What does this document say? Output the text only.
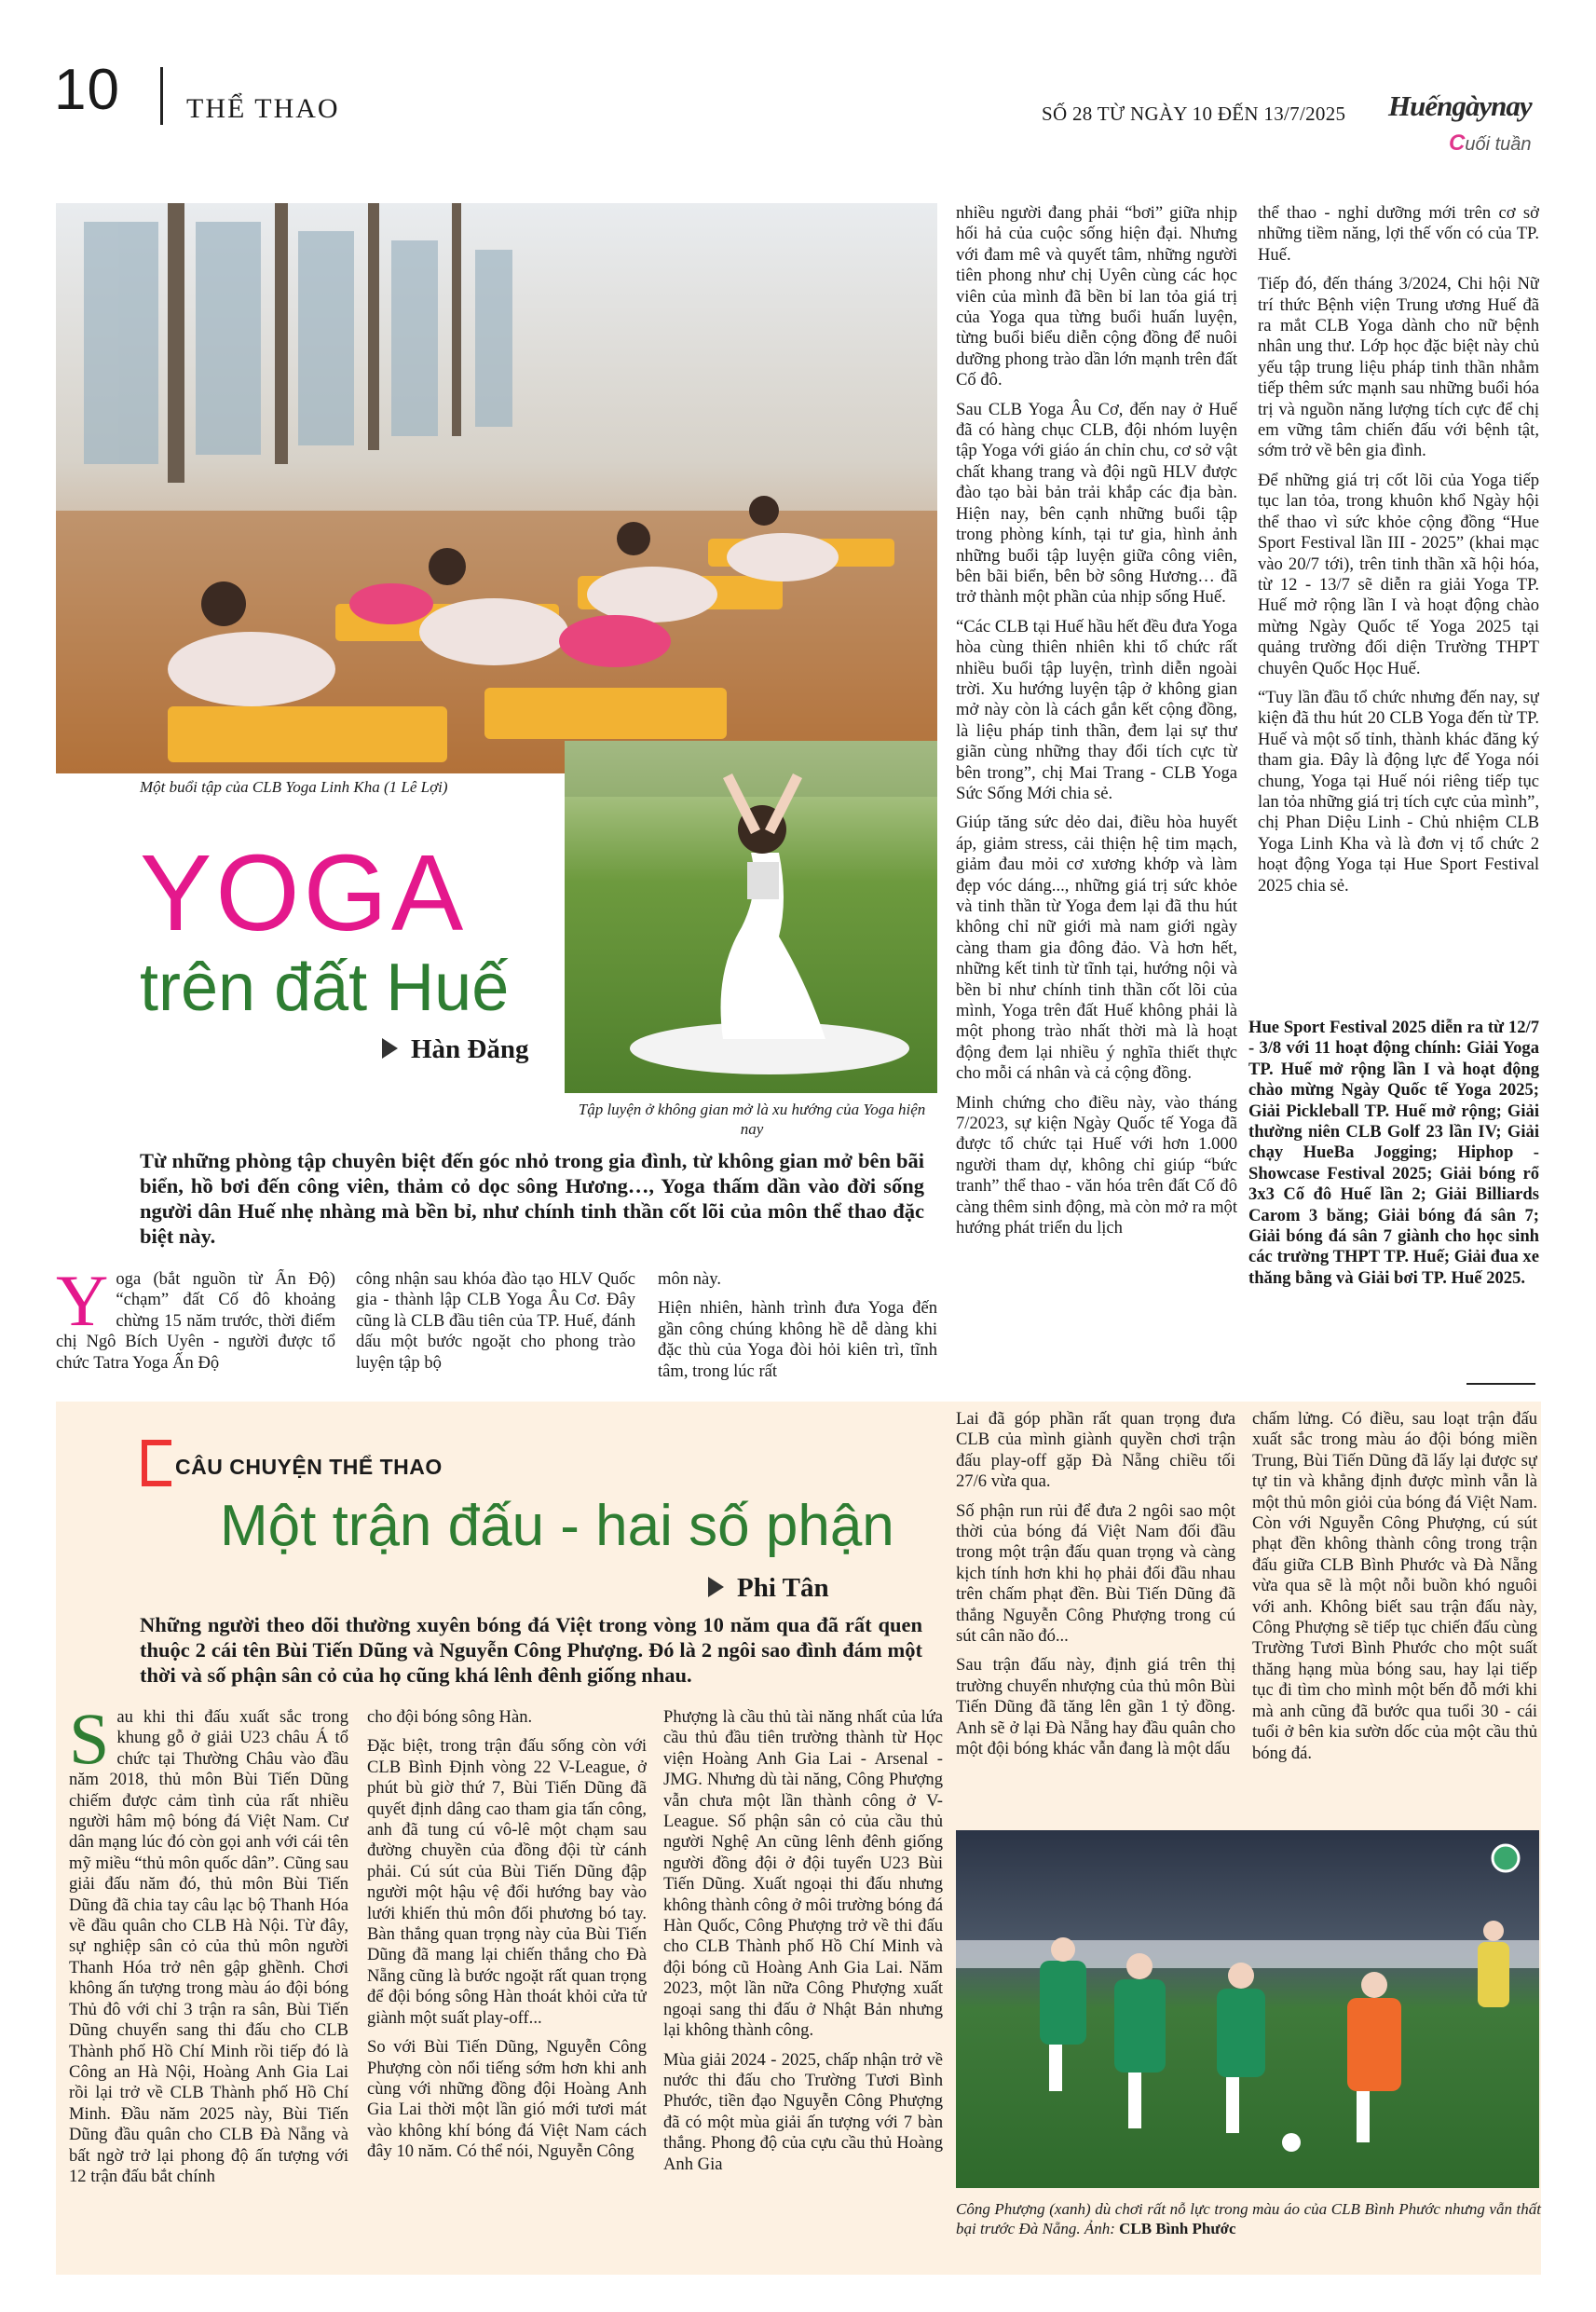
10 THỂ THAO	SỐ 28 TỪ NGÀY 10 ĐẾN 13/7/2025 Huếngàynay
Cuối tuần
Một buổi tập của CLB Yoga Linh Kha (1 Lê Lợi)
Tập luyện ở không gian mở là xu hướng của Yoga hiện nay
YOGA
trên đất Huế
Hàn Đăng
Từ những phòng tập chuyên biệt đến góc nhỏ trong gia đình, từ không gian mở bên bãi biển, hồ bơi đến công viên, thảm cỏ dọc sông Hương…, Yoga thấm dần vào đời sống người dân Huế nhẹ nhàng mà bền bỉ, như chính tinh thần cốt lõi của môn thể thao đặc biệt này.

Yoga (bắt nguồn từ Ấn Độ) “chạm” đất Cố đô khoảng chừng 15 năm trước, thời điểm chị Ngô Bích Uyên - người được tổ chức Tatra Yoga Ấn Độ

công nhận sau khóa đào tạo HLV Quốc gia - thành lập CLB Yoga Âu Cơ. Đây cũng là CLB đầu tiên của TP. Huế, đánh dấu một bước ngoặt cho phong trào luyện tập bộ

môn này.

Hiện nhiên, hành trình đưa Yoga đến gần công chúng không hề dễ dàng khi đặc thù của Yoga đòi hỏi kiên trì, tĩnh tâm, trong lúc rất

nhiều người đang phải “bơi” giữa nhịp hối hả của cuộc sống hiện đại. Nhưng với đam mê và quyết tâm, những người tiên phong như chị Uyên cùng các học viên của mình đã bền bỉ lan tỏa giá trị của Yoga qua từng buổi huấn luyện, từng buổi biểu diễn cộng đồng để nuôi dưỡng phong trào dần lớn mạnh trên đất Cố đô.

Sau CLB Yoga Âu Cơ, đến nay ở Huế đã có hàng chục CLB, đội nhóm luyện tập Yoga với giáo án chỉn chu, cơ sở vật chất khang trang và đội ngũ HLV được đào tạo bài bản trải khắp các địa bàn. Hiện nay, bên cạnh những buổi tập trong phòng kính, tại tư gia, hình ảnh những buổi tập luyện giữa công viên, bên bãi biển, bên bờ sông Hương… đã trở thành một phần của nhịp sống Huế.

“Các CLB tại Huế hầu hết đều đưa Yoga hòa cùng thiên nhiên khi tổ chức rất nhiều buổi tập luyện, trình diễn ngoài trời. Xu hướng luyện tập ở không gian mở này còn là cách gắn kết cộng đồng, là liệu pháp tinh thần, đem lại sự thư giãn cùng những thay đổi tích cực từ bên trong”, chị Mai Trang - CLB Yoga Sức Sống Mới chia sẻ.

Giúp tăng sức dẻo dai, điều hòa huyết áp, giảm stress, cải thiện hệ tim mạch, giảm đau mỏi cơ xương khớp và làm đẹp vóc dáng..., những giá trị sức khỏe và tinh thần từ Yoga đem lại đã thu hút không chỉ nữ giới mà nam giới ngày càng tham gia đông đảo. Và hơn hết, những kết tinh từ tĩnh tại, hướng nội và bền bỉ như chính tinh thần cốt lõi của mình, Yoga trên đất Huế không phải là một phong trào nhất thời mà là hoạt động đem lại nhiều ý nghĩa thiết thực cho mỗi cá nhân và cả cộng đồng.

Minh chứng cho điều này, vào tháng 7/2023, sự kiện Ngày Quốc tế Yoga đã được tổ chức tại Huế với hơn 1.000 người tham dự, không chỉ giúp “bức tranh” thể thao - văn hóa trên đất Cố đô càng thêm sinh động, mà còn mở ra một hướng phát triển du lịch

thể thao - nghỉ dưỡng mới trên cơ sở những tiềm năng, lợi thế vốn có của TP. Huế.

Tiếp đó, đến tháng 3/2024, Chi hội Nữ trí thức Bệnh viện Trung ương Huế đã ra mắt CLB Yoga dành cho nữ bệnh nhân ung thư. Lớp học đặc biệt này chủ yếu tập trung liệu pháp tinh thần nhằm tiếp thêm sức mạnh sau những buổi hóa trị và nguồn năng lượng tích cực để chị em vững tâm chiến đấu với bệnh tật, sớm trở về bên gia đình.

Để những giá trị cốt lõi của Yoga tiếp tục lan tỏa, trong khuôn khổ Ngày hội thể thao vì sức khỏe cộng đồng “Hue Sport Festival lần III - 2025” (khai mạc vào 20/7 tới), trên tinh thần xã hội hóa, từ 12 - 13/7 sẽ diễn ra giải Yoga TP. Huế mở rộng lần I và hoạt động chào mừng Ngày Quốc tế Yoga 2025 tại quảng trường đối diện Trường THPT chuyên Quốc Học Huế.

“Tuy lần đầu tổ chức nhưng đến nay, sự kiện đã thu hút 20 CLB Yoga đến từ TP. Huế và một số tỉnh, thành khác đăng ký tham gia. Đây là động lực để Yoga nói chung, Yoga tại Huế nói riêng tiếp tục lan tỏa những giá trị tích cực của mình”, chị Phan Diệu Linh - Chủ nhiệm CLB Yoga Linh Kha và là đơn vị tổ chức 2 hoạt động Yoga tại Hue Sport Festival 2025 chia sẻ.

Hue Sport Festival 2025 diễn ra từ 12/7 - 3/8 với 11 hoạt động chính: Giải Yoga TP. Huế mở rộng lần I và hoạt động chào mừng Ngày Quốc tế Yoga 2025; Giải Pickleball TP. Huế mở rộng; Giải thường niên CLB Golf 23 lần IV; Giải chạy HueBa Jogging; Hiphop - Showcase Festival 2025; Giải bóng rổ 3x3 Cố đô Huế lần 2; Giải Billiards Carom 3 băng; Giải bóng đá sân 7; Giải bóng đá sân 7 giành cho học sinh các trường THPT TP. Huế; Giải đua xe thăng bằng và Giải bơi TP. Huế 2025.
CÂU CHUYỆN THỂ THAO
Một trận đấu - hai số phận
Phi Tân
Những người theo dõi thường xuyên bóng đá Việt trong vòng 10 năm qua đã rất quen thuộc 2 cái tên Bùi Tiến Dũng và Nguyễn Công Phượng. Đó là 2 ngôi sao đình đám một thời và số phận sân cỏ của họ cũng khá lênh đênh giống nhau.

Sau khi thi đấu xuất sắc trong khung gỗ ở giải U23 châu Á tổ chức tại Thường Châu vào đầu năm 2018, thủ môn Bùi Tiến Dũng chiếm được cảm tình của rất nhiều người hâm mộ bóng đá Việt Nam. Cư dân mạng lúc đó còn gọi anh với cái tên mỹ miều “thủ môn quốc dân”. Cũng sau giải đấu năm đó, thủ môn Bùi Tiến Dũng đã chia tay câu lạc bộ Thanh Hóa về đầu quân cho CLB Hà Nội. Từ đây, sự nghiệp sân cỏ của thủ môn người Thanh Hóa trở nên gập ghềnh. Chơi không ấn tượng trong màu áo đội bóng Thủ đô với chỉ 3 trận ra sân, Bùi Tiến Dũng chuyển sang thi đấu cho CLB Thành phố Hồ Chí Minh rồi tiếp đó là Công an Hà Nội, Hoàng Anh Gia Lai rồi lại trở về CLB Thành phố Hồ Chí Minh. Đầu năm 2025 này, Bùi Tiến Dũng đầu quân cho CLB Đà Nẵng và bất ngờ trở lại phong độ ấn tượng với 12 trận đấu bắt chính

cho đội bóng sông Hàn.

Đặc biệt, trong trận đấu sống còn với CLB Bình Định vòng 22 V-League, ở phút bù giờ thứ 7, Bùi Tiến Dũng đã quyết định dâng cao tham gia tấn công, anh đã tung cú vô-lê một chạm sau đường chuyền của đồng đội từ cánh phải. Cú sút của Bùi Tiến Dũng đập người một hậu vệ đổi hướng bay vào lưới khiến thủ môn đối phương bó tay. Bàn thắng quan trọng này của Bùi Tiến Dũng đã mang lại chiến thắng cho Đà Nẵng cũng là bước ngoặt rất quan trọng để đội bóng sông Hàn thoát khỏi cửa tử giành một suất play-off...

So với Bùi Tiến Dũng, Nguyễn Công Phượng còn nổi tiếng sớm hơn khi anh cùng với những đồng đội Hoàng Anh Gia Lai thời một lần gió mới tươi mát vào không khí bóng đá Việt Nam cách đây 10 năm. Có thể nói, Nguyễn Công

Phượng là cầu thủ tài năng nhất của lứa cầu thủ đầu tiên trường thành từ Học viện Hoàng Anh Gia Lai - Arsenal - JMG. Nhưng dù tài năng, Công Phượng vẫn chưa một lần thành công ở V-League. Số phận sân cỏ của cầu thủ người Nghệ An cũng lênh đênh giống người đồng đội ở đội tuyển U23 Bùi Tiến Dũng. Xuất ngoại thi đấu nhưng không thành công ở môi trường bóng đá Hàn Quốc, Công Phượng trở về thi đấu cho CLB Thành phố Hồ Chí Minh và đội bóng cũ Hoàng Anh Gia Lai. Năm 2023, một lần nữa Công Phượng xuất ngoại sang thi đấu ở Nhật Bản nhưng lại không thành công.

Mùa giải 2024 - 2025, chấp nhận trở về nước thi đấu cho Trường Tươi Bình Phước, tiền đạo Nguyễn Công Phượng đã có một mùa giải ấn tượng với 7 bàn thắng. Phong độ của cựu cầu thủ Hoàng Anh Gia

Lai đã góp phần rất quan trọng đưa CLB của mình giành quyền chơi trận đấu play-off gặp Đà Nẵng chiều tối 27/6 vừa qua.

Số phận run rủi để đưa 2 ngôi sao một thời của bóng đá Việt Nam đối đầu trong một trận đấu quan trọng và càng kịch tính hơn khi họ phải đối đầu nhau trên chấm phạt đền. Bùi Tiến Dũng đã thắng Nguyễn Công Phượng trong cú sút cân não đó...

Sau trận đấu này, định giá trên thị trường chuyển nhượng của thủ môn Bùi Tiến Dũng đã tăng lên gần 1 tỷ đồng. Anh sẽ ở lại Đà Nẵng hay đầu quân cho một đội bóng khác vẫn đang là một dấu

chấm lửng. Có điều, sau loạt trận đấu xuất sắc trong màu áo đội bóng miền Trung, Bùi Tiến Dũng đã lấy lại được sự tự tin và khẳng định được mình vẫn là một thủ môn giỏi của bóng đá Việt Nam. Còn với Nguyễn Công Phượng, cú sút phạt đền không thành công trong trận đấu giữa CLB Bình Phước và Đà Nẵng vừa qua sẽ là một nỗi buồn khó nguôi với anh. Không biết sau trận đấu này, Công Phượng sẽ tiếp tục chiến đấu cùng Trường Tươi Bình Phước cho một suất thăng hạng mùa bóng sau, hay lại tiếp tục đi tìm cho mình một bến đỗ mới khi mà anh cũng đã bước qua tuổi 30 - cái tuổi ở bên kia sườn dốc của một cầu thủ bóng đá.

Công Phượng (xanh) dù chơi rất nỗ lực trong màu áo của CLB Bình Phước nhưng vẫn thất bại trước Đà Nẵng. Ảnh: CLB Bình Phước
